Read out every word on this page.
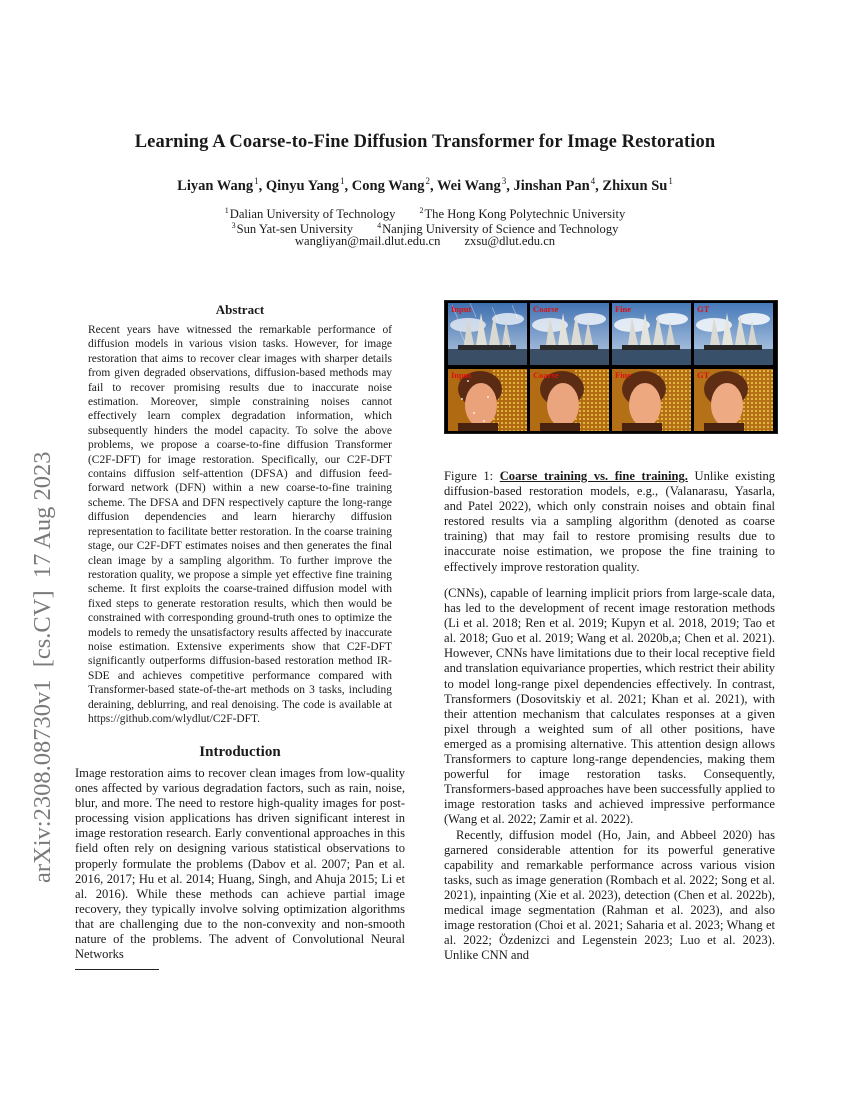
Learning A Coarse-to-Fine Diffusion Transformer for Image Restoration
Liyan Wang$^1$, Qinyu Yang$^1$, Cong Wang$^2$, Wei Wang$^3$, Jinshan Pan$^4$, Zhixun Su$^1$
$^1$Dalian University of Technology	$^2$The Hong Kong Polytechnic University
$^3$Sun Yat-sen University	$^4$Nanjing University of Science and Technology
wangliyan@mail.dlut.edu.cn zxsu@dlut.edu.cn
arXiv:2308.08730v1  [cs.CV]  17 Aug 2023
Abstract
Recent years have witnessed the remarkable performance of diffusion models in various vision tasks. However, for image restoration that aims to recover clear images with sharper details from given degraded observations, diffusion-based methods may fail to recover promising results due to inaccurate noise estimation. Moreover, simple constraining noises cannot effectively learn complex degradation information, which subsequently hinders the model capacity. To solve the above problems, we propose a coarse-to-fine diffusion Transformer (C2F-DFT) for image restoration. Specifically, our C2F-DFT contains diffusion self-attention (DFSA) and diffusion feed-forward network (DFN) within a new coarse-to-fine training scheme. The DFSA and DFN respectively capture the long-range diffusion dependencies and learn hierarchy diffusion representation to facilitate better restoration. In the coarse training stage, our C2F-DFT estimates noises and then generates the final clean image by a sampling algorithm. To further improve the restoration quality, we propose a simple yet effective fine training scheme. It first exploits the coarse-trained diffusion model with fixed steps to generate restoration results, which then would be constrained with corresponding ground-truth ones to optimize the models to remedy the unsatisfactory results affected by inaccurate noise estimation. Extensive experiments show that C2F-DFT significantly outperforms diffusion-based restoration method IR-SDE and achieves competitive performance compared with Transformer-based state-of-the-art methods on 3 tasks, including deraining, deblurring, and real denoising. The code is available at https://github.com/wlydlut/C2F-DFT.
Introduction
Image restoration aims to recover clean images from low-quality ones affected by various degradation factors, such as rain, noise, blur, and more. The need to restore high-quality images for post-processing vision applications has driven significant interest in image restoration research. Early conventional approaches in this field often rely on designing various statistical observations to properly formulate the problems (Dabov et al. 2007; Pan et al. 2016, 2017; Hu et al. 2014; Huang, Singh, and Ahuja 2015; Li et al. 2016). While these methods can achieve partial image recovery, they typically involve solving optimization algorithms that are challenging due to the non-convexity and non-smooth nature of the problems. The advent of Convolutional Neural Networks
Input	Coarse	Fine	GT
Input	Coarse	Fine	GT
Figure 1: Coarse training vs. fine training. Unlike existing diffusion-based restoration models, e.g., (Valanarasu, Yasarla, and Patel 2022), which only constrain noises and obtain final restored results via a sampling algorithm (denoted as coarse training) that may fail to restore promising results due to inaccurate noise estimation, we propose the fine training to effectively improve restoration quality.

(CNNs), capable of learning implicit priors from large-scale data, has led to the development of recent image restoration methods (Li et al. 2018; Ren et al. 2019; Kupyn et al. 2018, 2019; Tao et al. 2018; Guo et al. 2019; Wang et al. 2020b,a; Chen et al. 2021). However, CNNs have limitations due to their local receptive field and translation equivariance properties, which restrict their ability to model long-range pixel dependencies effectively. In contrast, Transformers (Dosovitskiy et al. 2021; Khan et al. 2021), with their attention mechanism that calculates responses at a given pixel through a weighted sum of all other positions, have emerged as a promising alternative. This attention design allows Transformers to capture long-range dependencies, making them powerful for image restoration tasks. Consequently, Transformers-based approaches have been successfully applied to image restoration tasks and achieved impressive performance (Wang et al. 2022; Zamir et al. 2022).

Recently, diffusion model (Ho, Jain, and Abbeel 2020) has garnered considerable attention for its powerful generative capability and remarkable performance across various vision tasks, such as image generation (Rombach et al. 2022; Song et al. 2021), inpainting (Xie et al. 2023), detection (Chen et al. 2022b), medical image segmentation (Rahman et al. 2023), and also image restoration (Choi et al. 2021; Saharia et al. 2023; Whang et al. 2022; Özdenizci and Legenstein 2023; Luo et al. 2023). Unlike CNN and
